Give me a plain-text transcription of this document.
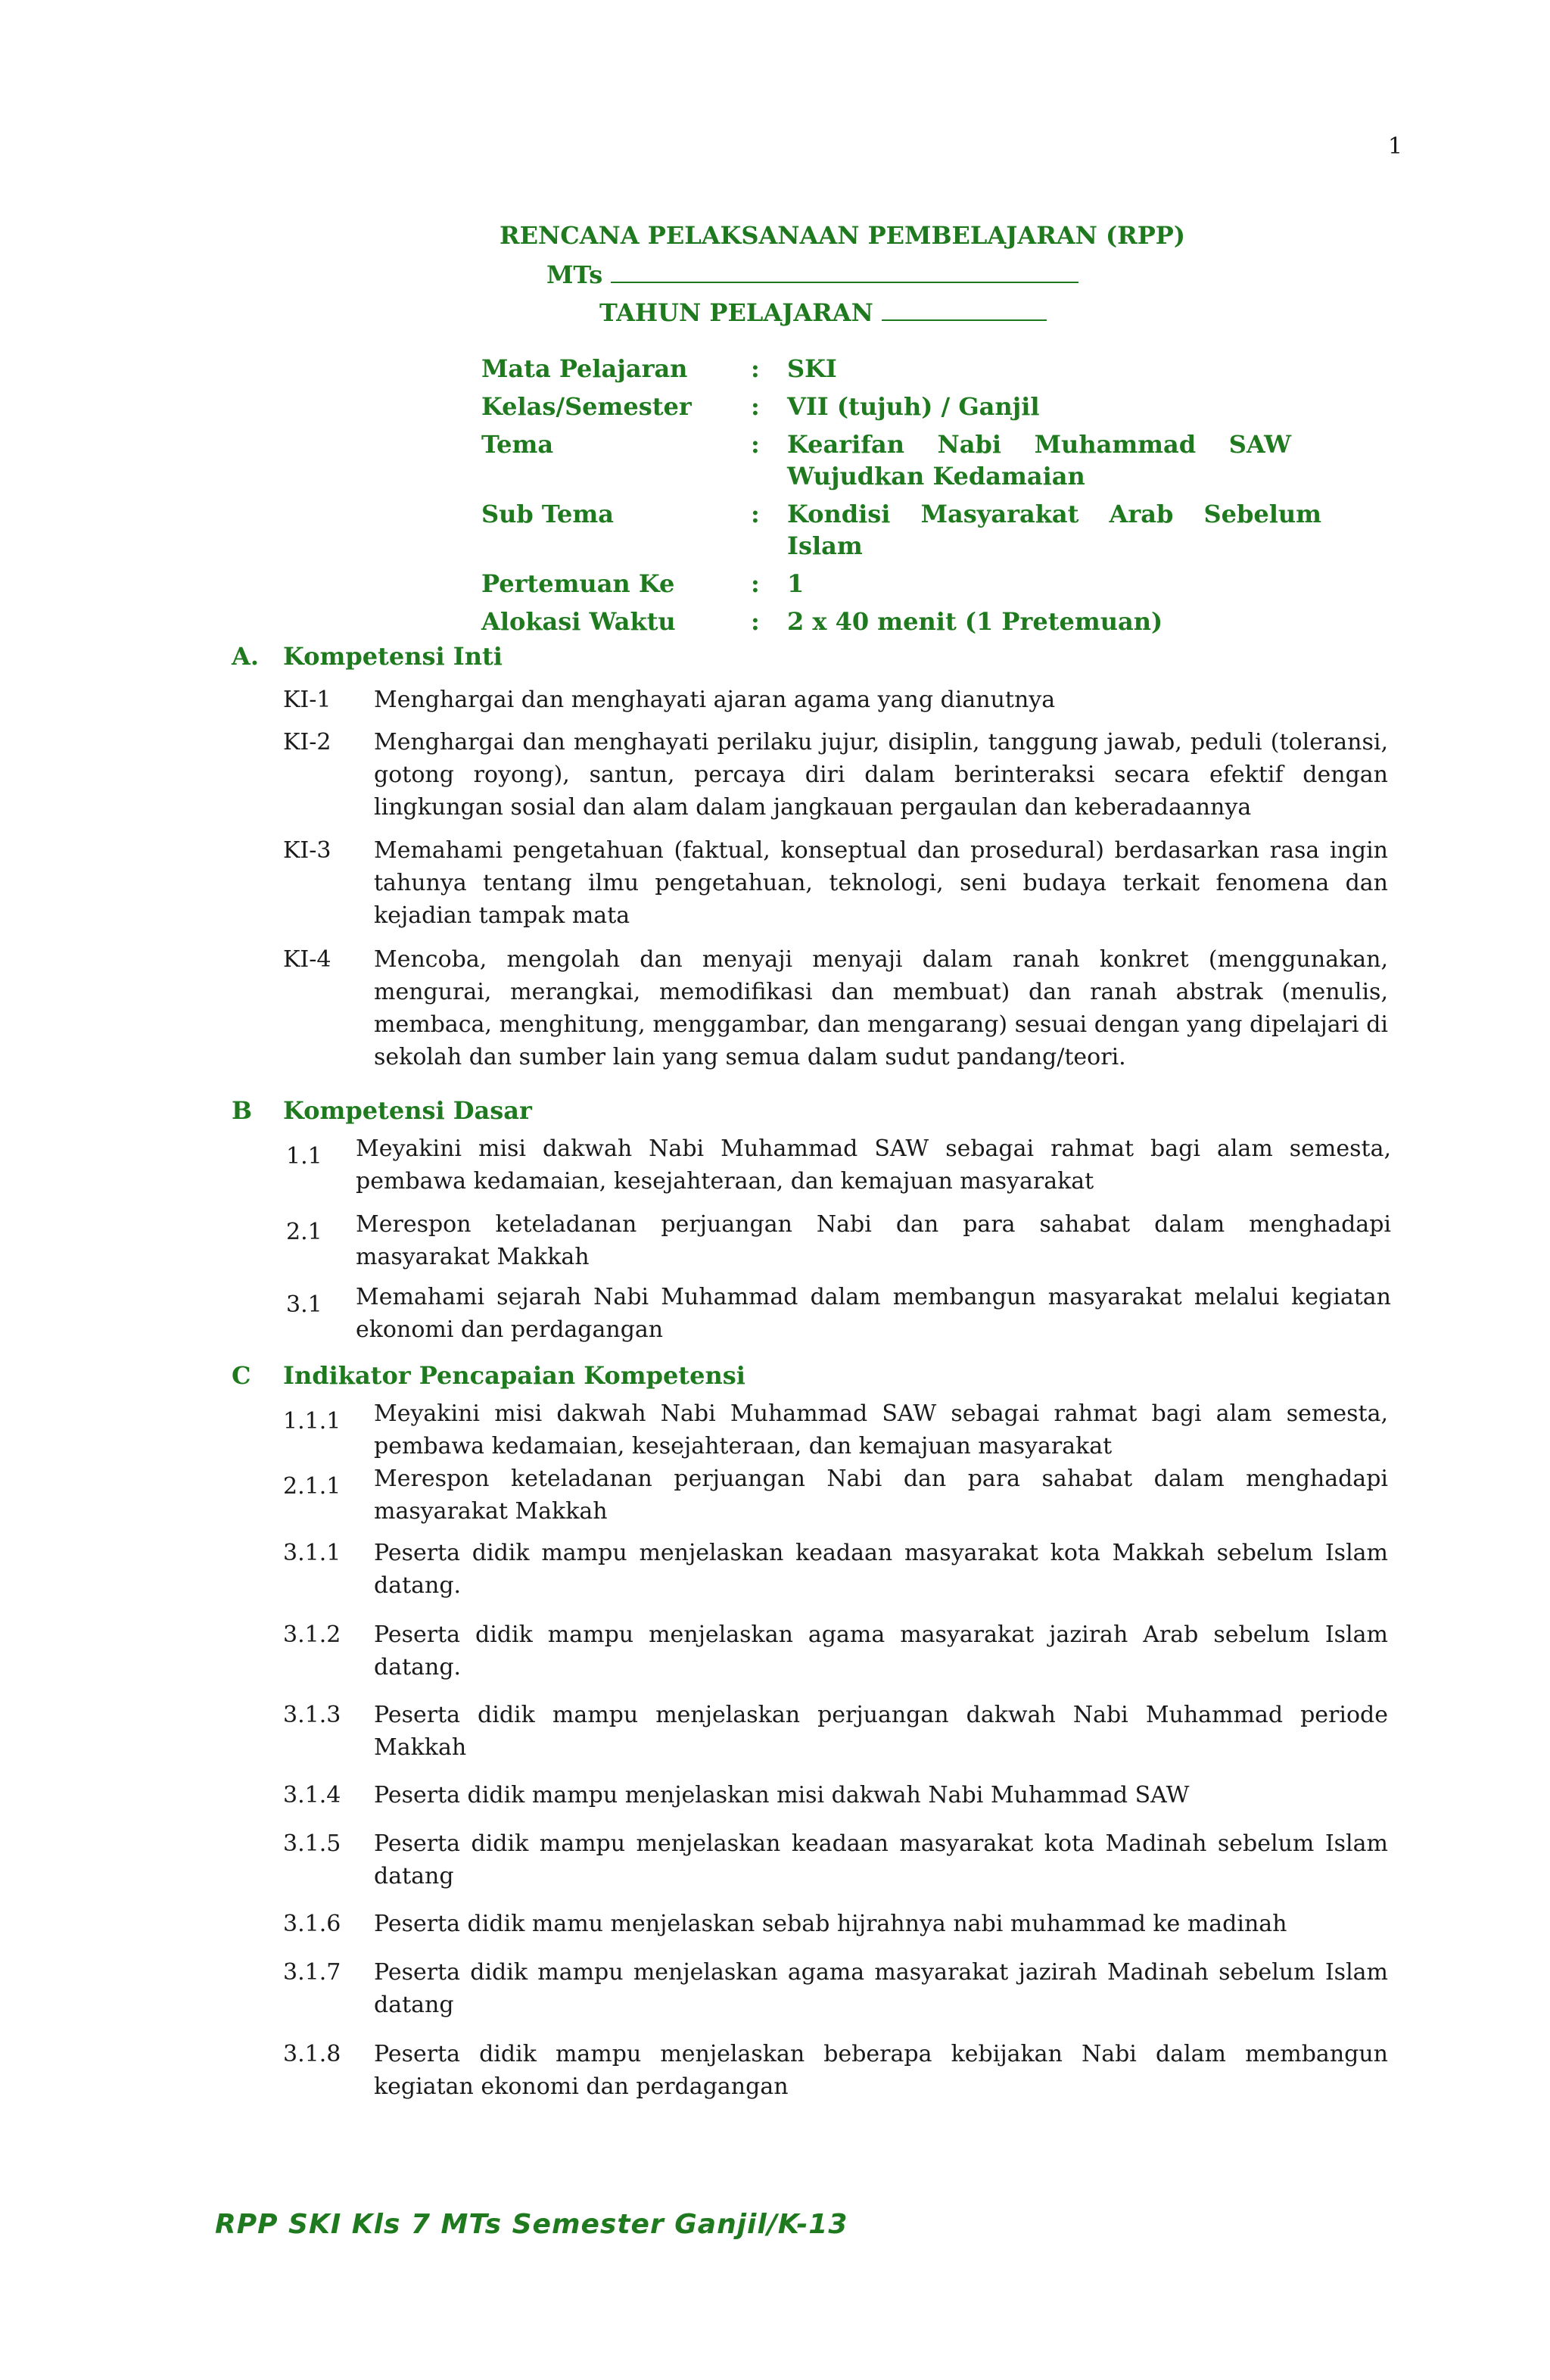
1
RENCANA PELAKSANAAN PEMBELAJARAN (RPP)
MTs
TAHUN PELAJARAN
Mata Pelajaran	:	SKI
Kelas/Semester	:	VII (tujuh) / Ganjil
Tema	:	Kearifan Nabi Muhammad SAW Wujudkan Kedamaian
Sub Tema	:	Kondisi Masyarakat Arab Sebelum Islam
Pertemuan Ke	:	1
Alokasi Waktu	:	2 x 40 menit (1 Pretemuan)
A. Kompetensi Inti
KI-1	Menghargai dan menghayati ajaran agama yang dianutnya
KI-2	Menghargai dan menghayati perilaku jujur, disiplin, tanggung jawab, peduli (toleransi, gotong royong), santun, percaya diri dalam berinteraksi secara efektif dengan lingkungan sosial dan alam dalam jangkauan pergaulan dan keberadaannya
KI-3	Memahami pengetahuan (faktual, konseptual dan prosedural) berdasarkan rasa ingin tahunya tentang ilmu pengetahuan, teknologi, seni budaya terkait fenomena dan kejadian tampak mata
KI-4	Mencoba, mengolah dan menyaji menyaji dalam ranah konkret (menggunakan, mengurai, merangkai, memodifikasi dan membuat) dan ranah abstrak (menulis, membaca, menghitung, menggambar, dan mengarang) sesuai dengan yang dipelajari di sekolah dan sumber lain yang semua dalam sudut pandang/teori.
B Kompetensi Dasar
1.1	Meyakini misi dakwah Nabi Muhammad SAW sebagai rahmat bagi alam semesta, pembawa kedamaian, kesejahteraan, dan kemajuan masyarakat
2.1	Merespon keteladanan perjuangan Nabi dan para sahabat dalam menghadapi masyarakat Makkah
3.1	Memahami sejarah Nabi Muhammad dalam membangun masyarakat melalui kegiatan ekonomi dan perdagangan
C Indikator Pencapaian Kompetensi
1.1.1	Meyakini misi dakwah Nabi Muhammad SAW sebagai rahmat bagi alam semesta, pembawa kedamaian, kesejahteraan, dan kemajuan masyarakat
2.1.1	Merespon keteladanan perjuangan Nabi dan para sahabat dalam menghadapi masyarakat Makkah
3.1.1	Peserta didik mampu menjelaskan keadaan masyarakat kota Makkah sebelum Islam datang.
3.1.2	Peserta didik mampu menjelaskan agama masyarakat jazirah Arab sebelum Islam datang.
3.1.3	Peserta didik mampu menjelaskan perjuangan dakwah Nabi Muhammad periode Makkah
3.1.4	Peserta didik mampu menjelaskan misi dakwah Nabi Muhammad SAW
3.1.5	Peserta didik mampu menjelaskan keadaan masyarakat kota Madinah sebelum Islam datang
3.1.6	Peserta didik mamu menjelaskan sebab hijrahnya nabi muhammad ke madinah
3.1.7	Peserta didik mampu menjelaskan agama masyarakat jazirah Madinah sebelum Islam datang
3.1.8	Peserta didik mampu menjelaskan beberapa kebijakan Nabi dalam membangun kegiatan ekonomi dan perdagangan
RPP SKI Kls 7 MTs Semester Ganjil/K-13
